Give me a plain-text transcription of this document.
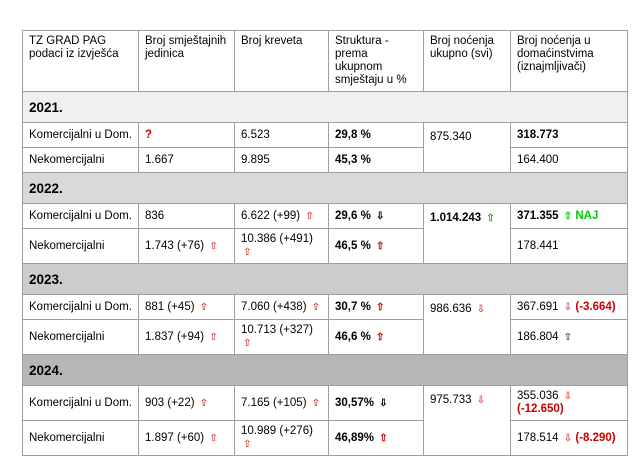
TZ GRAD PAG podaci iz izvješća	Broj smještajnih jedinica	Broj kreveta	Struktura - prema ukupnom smještaju u %	Broj noćenja ukupno (svi)	Broj noćenja u domaćinstvima (iznajmljivači)
2021.					
Komercijalni u Dom.	?	6.523	29,8 %	875.340	318.773
Nekomercijalni	1.667	9.895	45,3 %		164.400
2022.					
Komercijalni u Dom.	836	6.622 (+99) ⇧	29,6 % ⇩	1.014.243 ⇧	371.355 ⇧ NAJ
Nekomercijalni	1.743 (+76) ⇧	10.386 (+491) ⇧	46,5 % ⇧		178.441
2023.					
Komercijalni u Dom.	881 (+45) ⇧	7.060 (+438) ⇧	30,7 % ⇧	986.636 ⇩	367.691 ⇩ (-3.664)
Nekomercijalni	1.837 (+94) ⇧	10.713 (+327) ⇧	46,6 % ⇧		186.804 ⇧
2024.					
Komercijalni u Dom.	903 (+22) ⇧	7.165 (+105) ⇧	30,57% ⇩	975.733 ⇩	355.036 ⇩ (-12.650)
Nekomercijalni	1.897 (+60) ⇧	10.989 (+276) ⇧	46,89% ⇧		178.514 ⇩ (-8.290)
